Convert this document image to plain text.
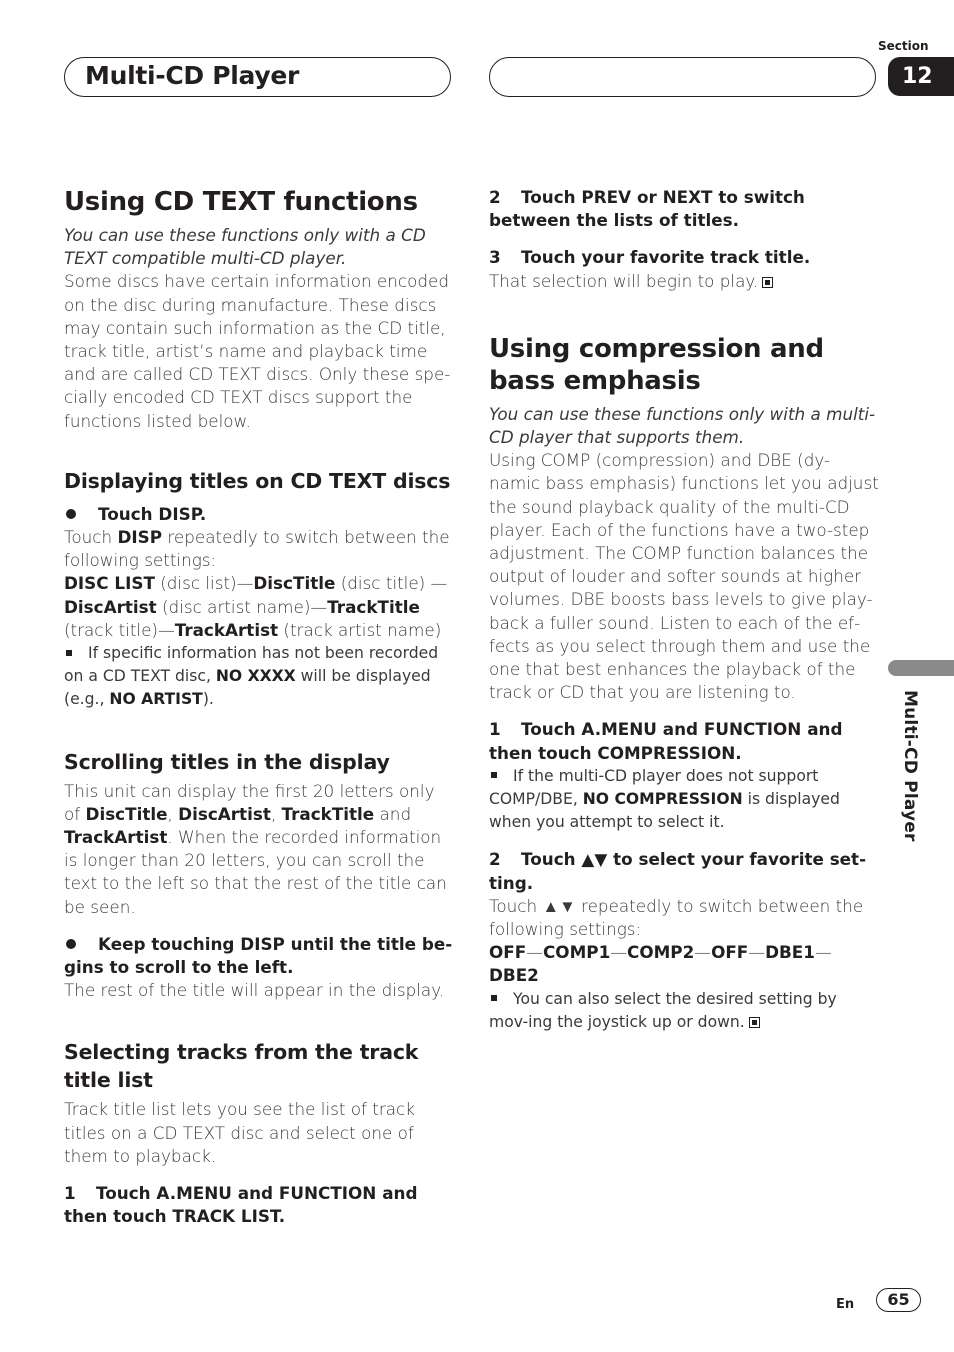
Multi-CD Player
Section
12
Using CD TEXT functions

You can use these functions only with a CD TEXT compatible multi-CD player.

Some discs have certain information encoded on the disc during manufacture. These discs may contain such information as the CD title, track title, artist’s name and playback time and are called CD TEXT discs. Only these spe-cially encoded CD TEXT discs support the functions listed below.

Displaying titles on CD TEXT discs
Touch DISP.

Touch DISP repeatedly to switch between the following settings:

DISC LIST (disc list)—DiscTitle (disc title) —DiscArtist (disc artist name)—TrackTitle (track title)—TrackArtist (track artist name)

If specific information has not been recorded on a CD TEXT disc, NO XXXX will be displayed (e.g., NO ARTIST).
Scrolling titles in the display

This unit can display the first 20 letters only of DiscTitle, DiscArtist, TrackTitle and TrackArtist. When the recorded information is longer than 20 letters, you can scroll the text to the left so that the rest of the title can be seen.

Keep touching DISP until the title be-gins to scroll to the left.

The rest of the title will appear in the display.

Selecting tracks from the track title list

Track title list lets you see the list of track titles on a CD TEXT disc and select one of them to playback.

1 Touch A.MENU and FUNCTION and then touch TRACK LIST.
2 Touch PREV or NEXT to switch between the lists of titles.
3 Touch your favorite track title.

That selection will begin to play.

Using compression and bass emphasis

You can use these functions only with a multi-CD player that supports them.

Using COMP (compression) and DBE (dy-namic bass emphasis) functions let you adjust the sound playback quality of the multi-CD player. Each of the functions have a two-step adjustment. The COMP function balances the output of louder and softer sounds at higher volumes. DBE boosts bass levels to give play-back a fuller sound. Listen to each of the ef-fects as you select through them and use the one that best enhances the playback of the track or CD that you are listening to.

1 Touch A.MENU and FUNCTION and then touch COMPRESSION.
If the multi-CD player does not support COMP/DBE, NO COMPRESSION is displayed when you attempt to select it.
2 Touch ▲▼ to select your favorite set-ting.

Touch ▲▼ repeatedly to switch between the following settings:

OFF—COMP1—COMP2—OFF—DBE1—
DBE2

You can also select the desired setting by mov-ing the joystick up or down.
Multi-CD Player
En	65
